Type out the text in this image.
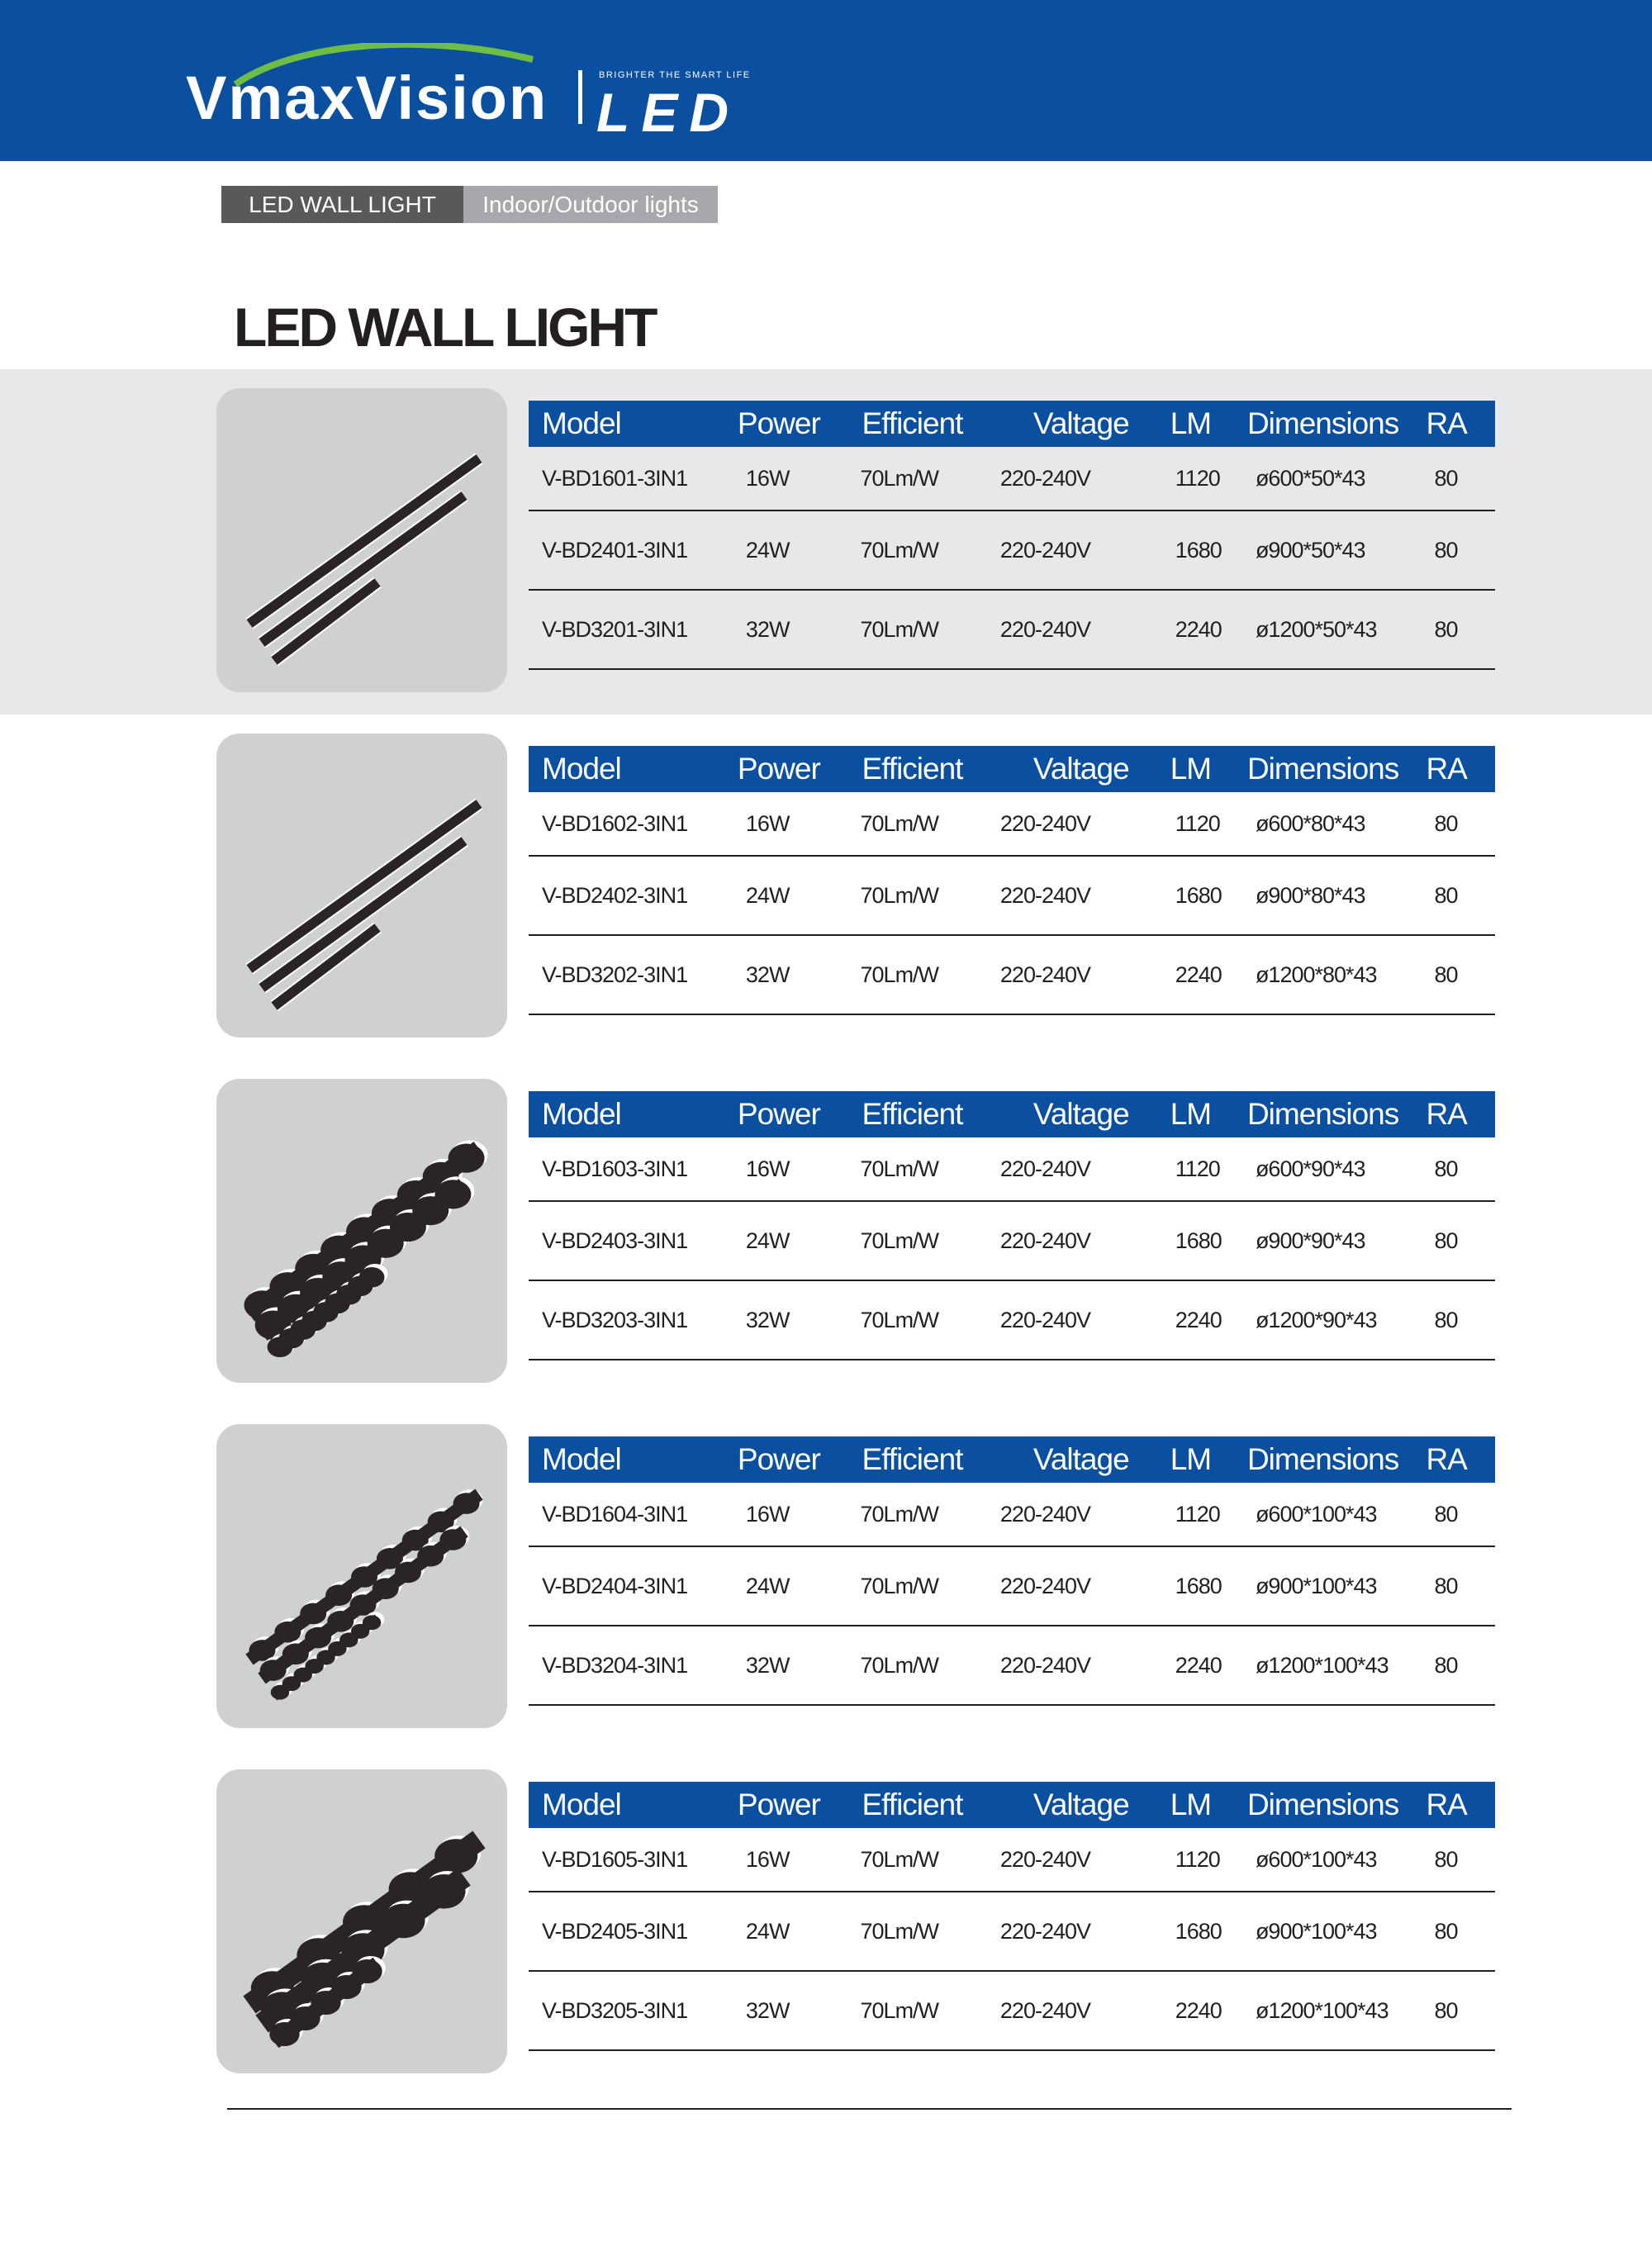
VmaxVision	BRIGHTER THE SMART LIFE
LED
LED WALL LIGHT	Indoor/Outdoor lights
LED WALL LIGHT
Model	Power	Efficient	Valtage	LM	Dimensions	RA
V-BD1601-3IN1	16W	70Lm/W	220-240V	1120	ø600*50*43	80
V-BD2401-3IN1	24W	70Lm/W	220-240V	1680	ø900*50*43	80
V-BD3201-3IN1	32W	70Lm/W	220-240V	2240	ø1200*50*43	80
Model	Power	Efficient	Valtage	LM	Dimensions	RA
V-BD1602-3IN1	16W	70Lm/W	220-240V	1120	ø600*80*43	80
V-BD2402-3IN1	24W	70Lm/W	220-240V	1680	ø900*80*43	80
V-BD3202-3IN1	32W	70Lm/W	220-240V	2240	ø1200*80*43	80
Model	Power	Efficient	Valtage	LM	Dimensions	RA
V-BD1603-3IN1	16W	70Lm/W	220-240V	1120	ø600*90*43	80
V-BD2403-3IN1	24W	70Lm/W	220-240V	1680	ø900*90*43	80
V-BD3203-3IN1	32W	70Lm/W	220-240V	2240	ø1200*90*43	80
Model	Power	Efficient	Valtage	LM	Dimensions	RA
V-BD1604-3IN1	16W	70Lm/W	220-240V	1120	ø600*100*43	80
V-BD2404-3IN1	24W	70Lm/W	220-240V	1680	ø900*100*43	80
V-BD3204-3IN1	32W	70Lm/W	220-240V	2240	ø1200*100*43	80
Model	Power	Efficient	Valtage	LM	Dimensions	RA
V-BD1605-3IN1	16W	70Lm/W	220-240V	1120	ø600*100*43	80
V-BD2405-3IN1	24W	70Lm/W	220-240V	1680	ø900*100*43	80
V-BD3205-3IN1	32W	70Lm/W	220-240V	2240	ø1200*100*43	80
